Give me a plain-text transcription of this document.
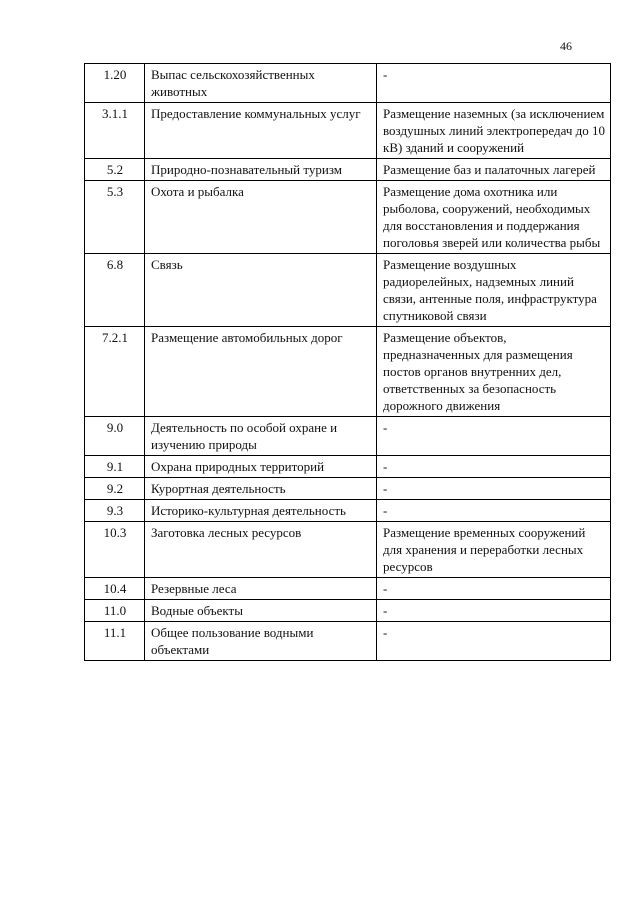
46
1.20	Выпас сельскохозяйственных животных	-
3.1.1	Предоставление коммунальных услуг	Размещение наземных (за исключением воздушных линий электропередач до 10 кВ) зданий и сооружений
5.2	Природно-познавательный туризм	Размещение баз и палаточных лагерей
5.3	Охота и рыбалка	Размещение дома охотника или рыболова, сооружений, необходимых для восстановления и поддержания поголовья зверей или количества рыбы
6.8	Связь	Размещение воздушных радиорелейных, надземных линий связи, антенные поля, инфраструктура спутниковой связи
7.2.1	Размещение автомобильных дорог	Размещение объектов, предназначенных для размещения постов органов внутренних дел, ответственных за безопасность дорожного движения
9.0	Деятельность по особой охране и изучению природы	-
9.1	Охрана природных территорий	-
9.2	Курортная деятельность	-
9.3	Историко-культурная деятельность	-
10.3	Заготовка лесных ресурсов	Размещение временных сооружений для хранения и переработки лесных ресурсов
10.4	Резервные леса	-
11.0	Водные объекты	-
11.1	Общее пользование водными объектами	-
